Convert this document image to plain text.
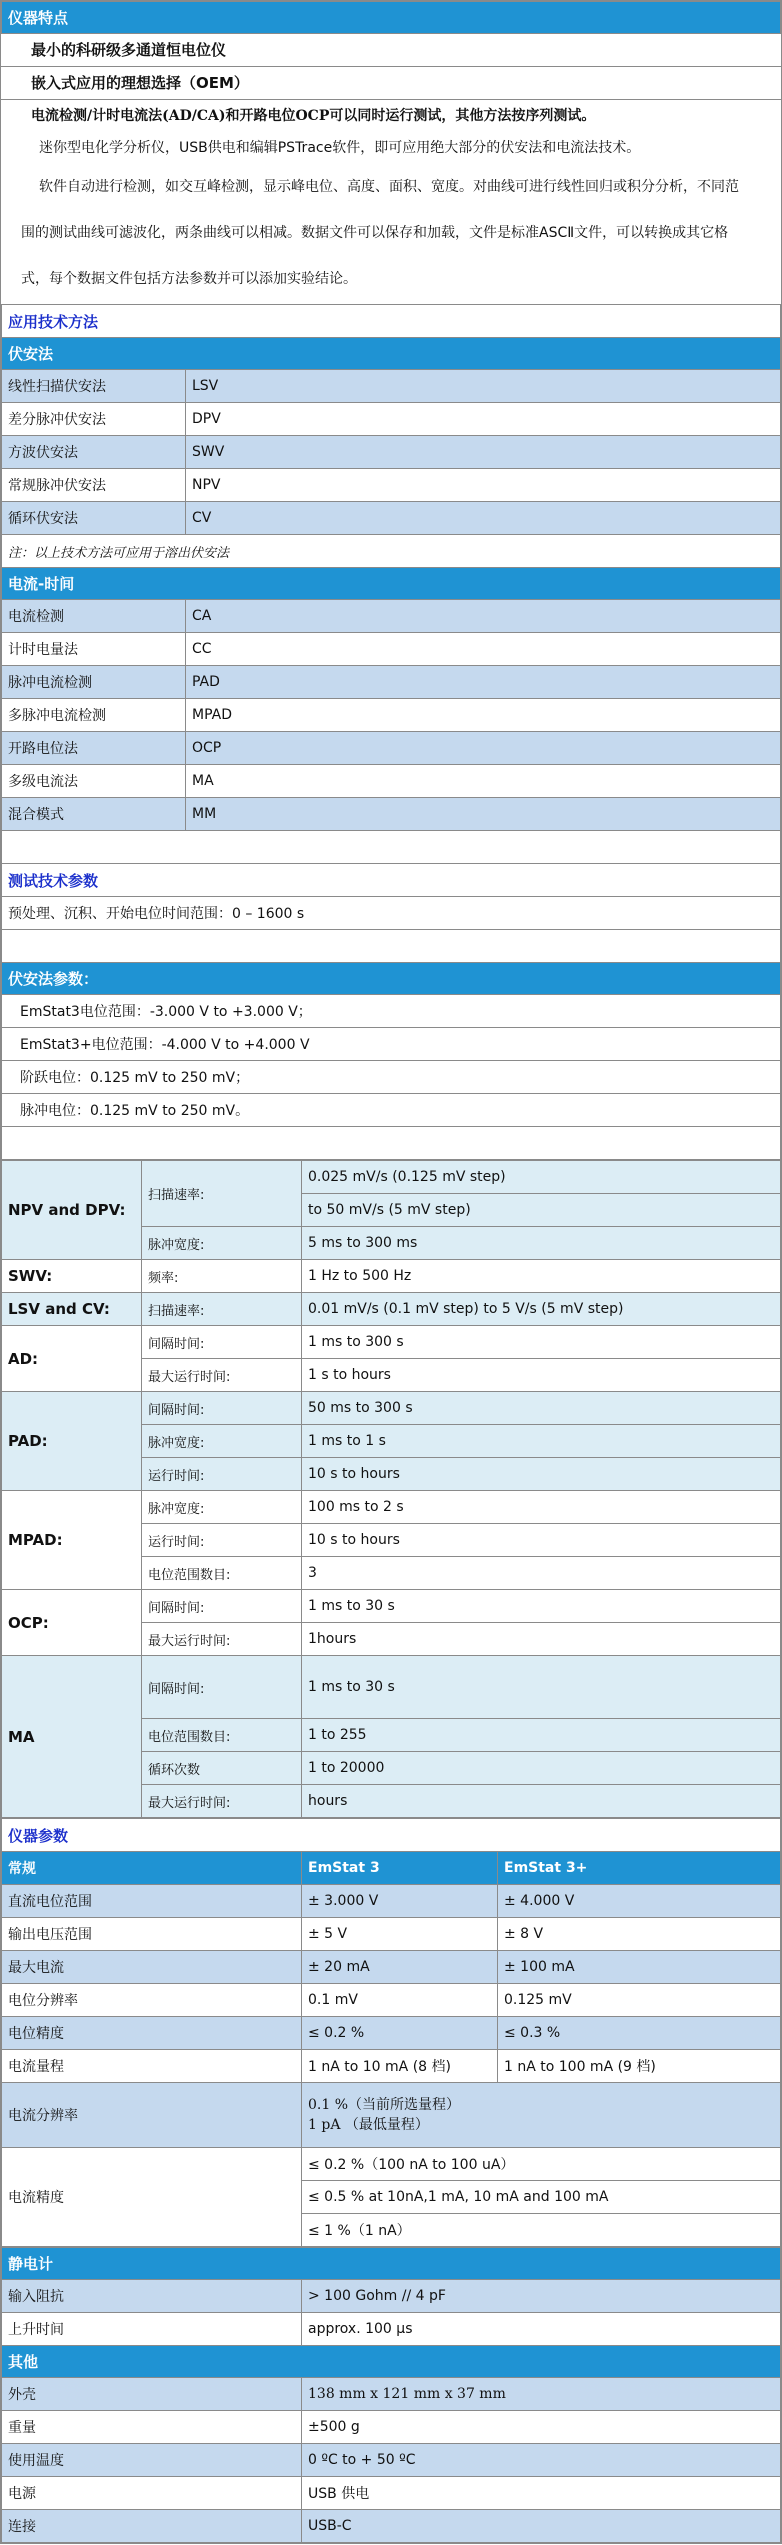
仪器特点

最小的科研级多通道恒电位仪

嵌入式应用的理想选择（OEM）

电流检测/计时电流法(AD/CA)和开路电位OCP可以同时运行测试，其他方法按序列测试。

迷你型电化学分析仪，USB供电和编辑PSTrace软件，即可应用绝大部分的伏安法和电流法技术。

软件自动进行检测，如交互峰检测，显示峰电位、高度、面积、宽度。对曲线可进行线性回归或积分分析，不同范围的测试曲线可滤波化，两条曲线可以相减。数据文件可以保存和加载，文件是标准ASCⅡ文件，可以转换成其它格式，每个数据文件包括方法参数并可以添加实验结论。

应用技术方法	
伏安法	
线性扫描伏安法	LSV
差分脉冲伏安法	DPV
方波伏安法	SWV
常规脉冲伏安法	NPV
循环伏安法	CV
注：以上技术方法可应用于溶出伏安法	
电流-时间	
电流检测	CA
计时电量法	CC
脉冲电流检测	PAD
多脉冲电流检测	MPAD
开路电位法	OCP
多级电流法	MA
混合模式	MM

测试技术参数	
预处理、沉积、开始电位时间范围：0 – 1600 s	

伏安法参数：	
EmStat3电位范围：-3.000 V to +3.000 V；	
EmStat3+电位范围：-4.000 V to +4.000 V	
阶跃电位：0.125 mV to 250 mV；	
脉冲电位：0.125 mV to 250 mV。	

NPV and DPV:	扫描速率:	0.025 mV/s (0.125 mV step)
		to 50 mV/s (5 mV step)
	脉冲宽度:	5 ms to 300 ms
SWV:	频率:	1 Hz to 500 Hz
LSV and CV:	扫描速率:	0.01 mV/s (0.1 mV step) to 5 V/s (5 mV step)
AD:	间隔时间:	1 ms to 300 s
	最大运行时间:	1 s to hours
PAD:	间隔时间:	50 ms to 300 s
	脉冲宽度:	1 ms to 1 s
	运行时间:	10 s to hours
MPAD:	脉冲宽度:	100 ms to 2 s
	运行时间:	10 s to hours
	电位范围数目:	3
OCP:	间隔时间:	1 ms to 30 s
	最大运行时间:	1hours
MA	间隔时间:	1 ms to 30 s
	电位范围数目:	1 to 255
	循环次数	1 to 20000
	最大运行时间:	hours
仪器参数		
常规	EmStat 3	EmStat 3+
直流电位范围	± 3.000 V	± 4.000 V
输出电压范围	± 5 V	± 8 V
最大电流	± 20 mA	± 100 mA
电位分辨率	0.1 mV	0.125 mV
电位精度	≤ 0.2 %	≤ 0.3 %
电流量程	1 nA to 10 mA (8 档)	1 nA to 100 mA (9 档)
电流分辨率	0.1 %（当前所选量程）
1 pA （最低量程）	

电流精度	≤ 0.2 %（100 nA to 100 uA）	
	≤ 0.5 % at 10nA,1 mA, 10 mA and 100 mA	
	≤ 1 %（1 nA）	
静电计	
输入阻抗	> 100 Gohm // 4 pF
上升时间	approx. 100 µs
其他	
外壳	138 mm x 121 mm x 37 mm
重量	±500 g
使用温度	0 ºC to + 50 ºC
电源	USB 供电
连接	USB-C
